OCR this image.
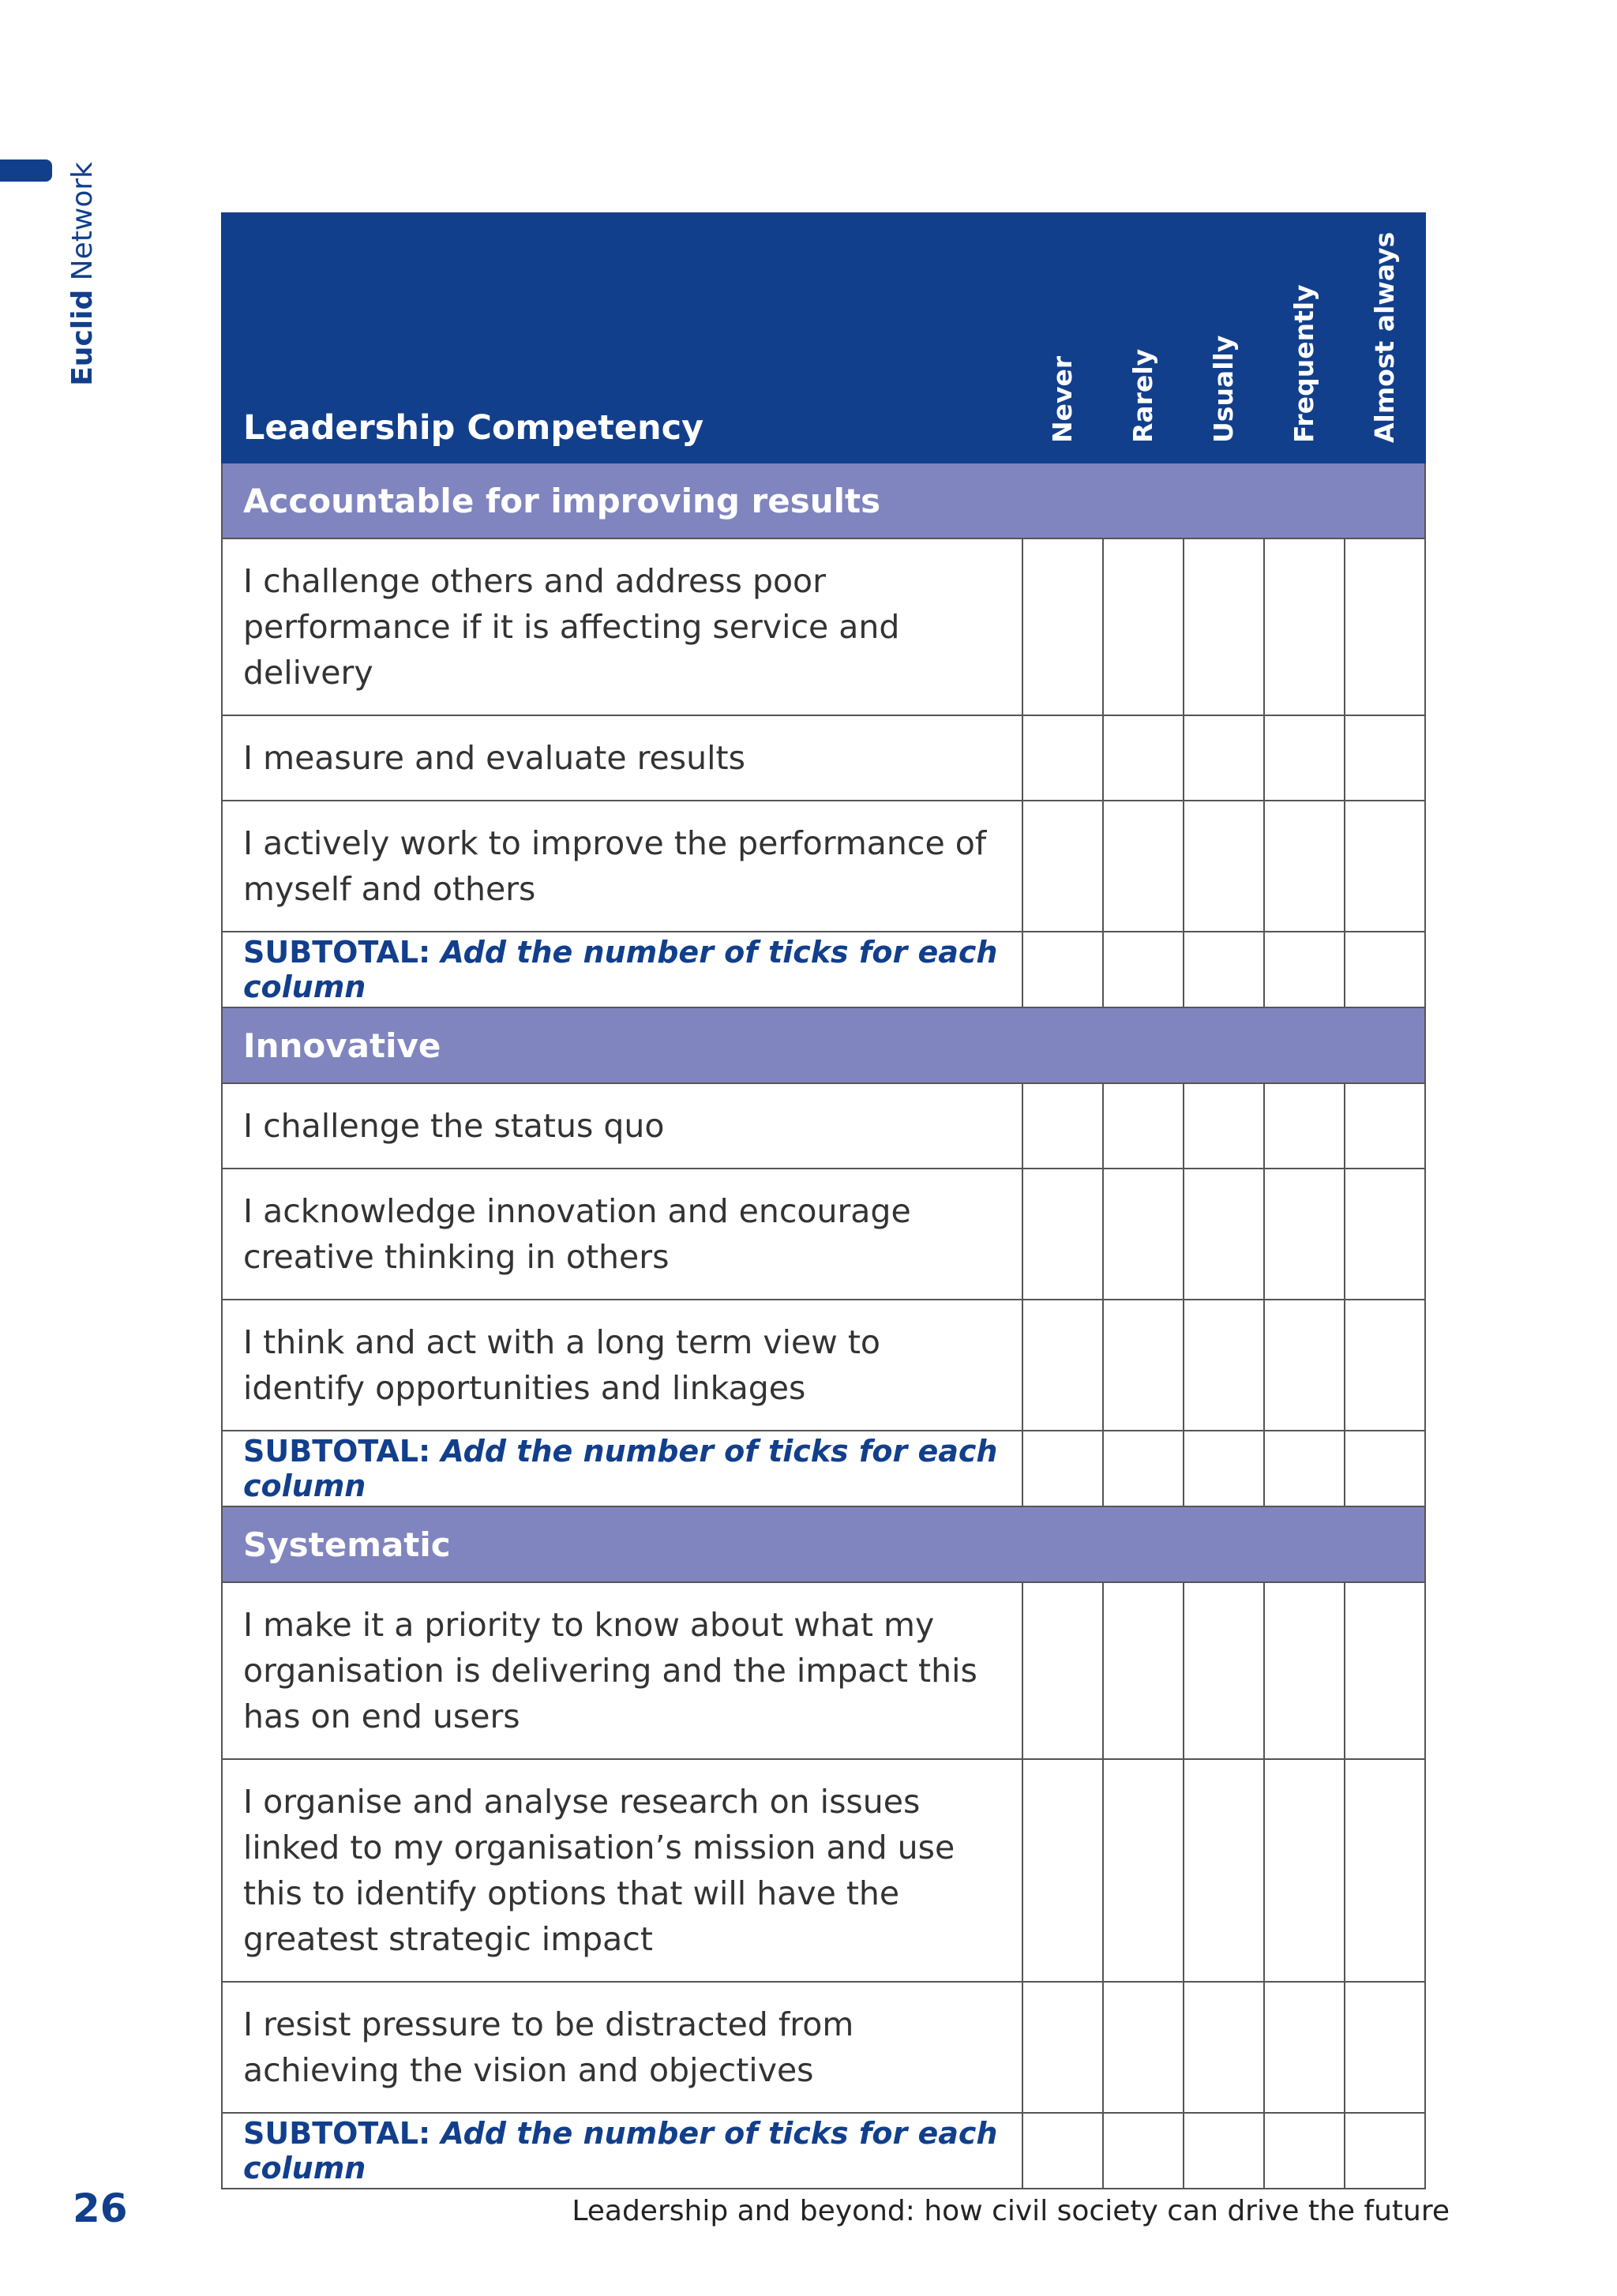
Euclid Network
Leadership Competency	Never	Rarely	Usually	Frequently	Almost always

Accountable for improving results					
I challenge others and address poor performance if it is affecting service and delivery					
I measure and evaluate results					
I actively work to improve the performance of myself and others					
SUBTOTAL: Add the number of ticks for each column					
Innovative					
I challenge the status quo					
I acknowledge innovation and encourage creative thinking in others					
I think and act with a long term view to identify opportunities and linkages					
SUBTOTAL: Add the number of ticks for each column					
Systematic					
I make it a priority to know about what my organisation is delivering and the impact this has on end users					
I organise and analyse research on issues linked to my organisation’s mission and use this to identify options that will have the greatest strategic impact					
I resist pressure to be distracted from achieving the vision and objectives					
SUBTOTAL: Add the number of ticks for each column					
26	Leadership and beyond: how civil society can drive the future
